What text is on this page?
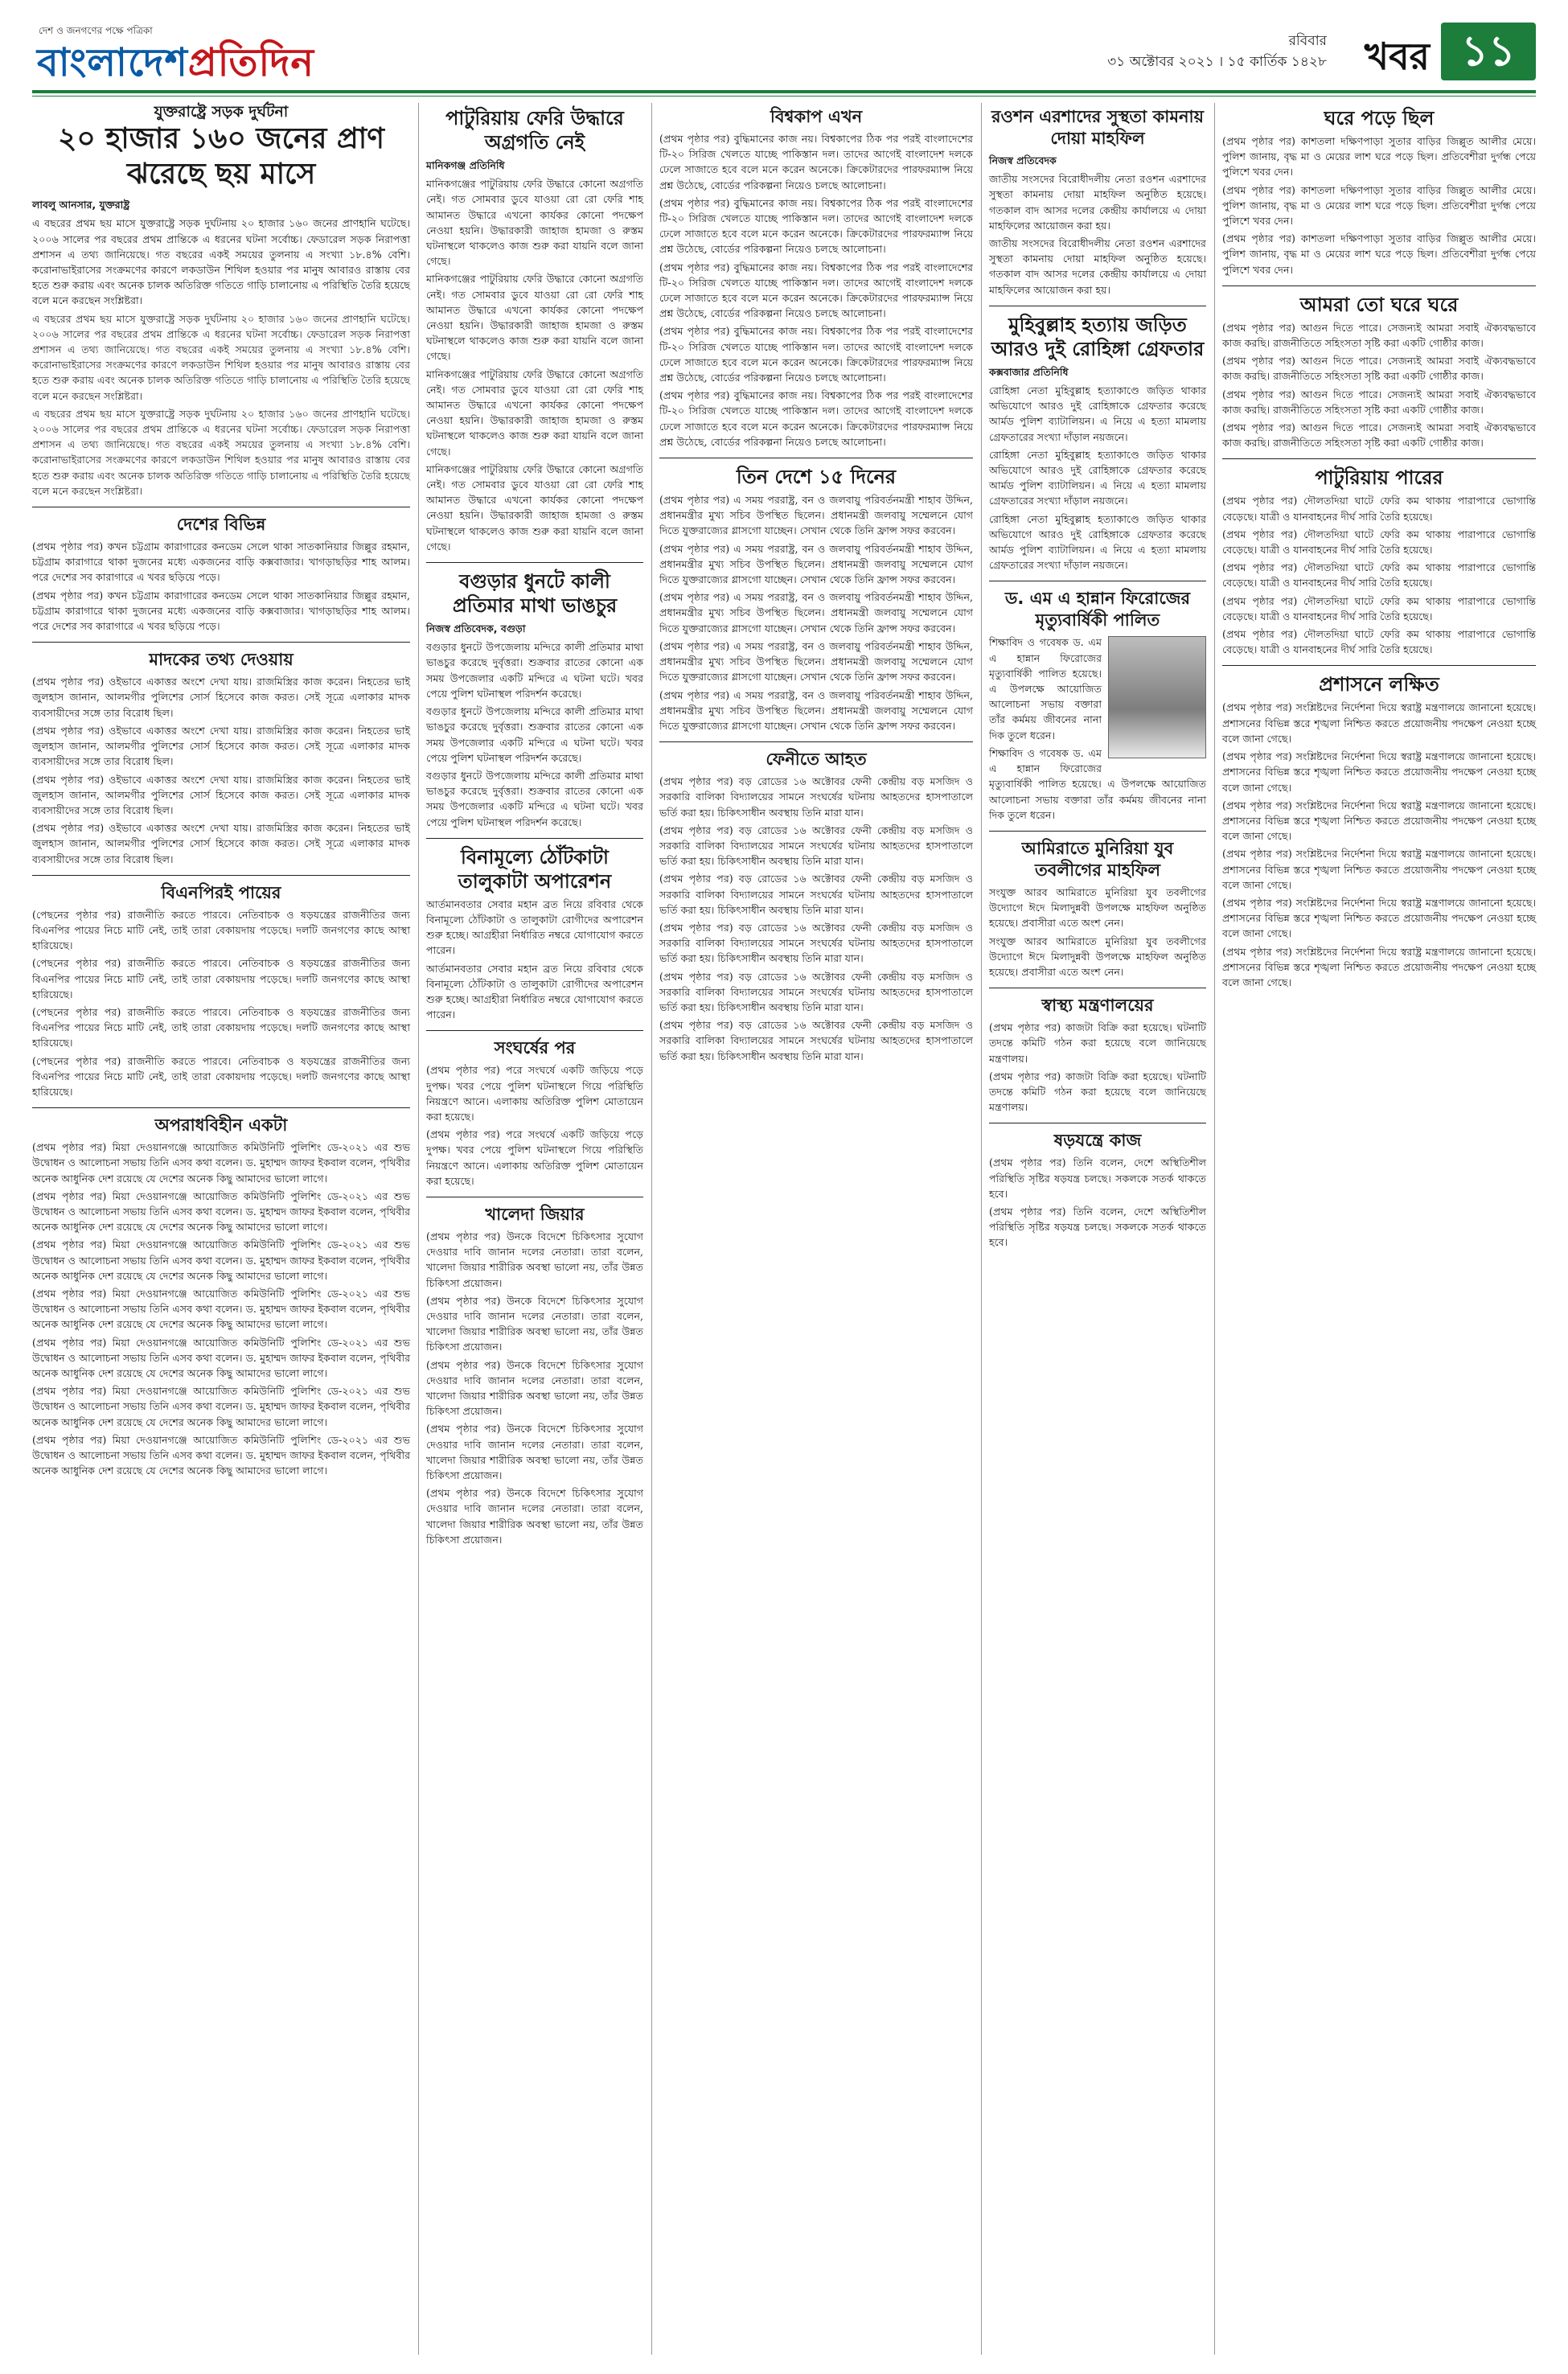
দেশ ও জনগণের পক্ষে পত্রিকা
বাংলাদেশপ্রতিদিন	রবিবার
৩১ অক্টোবর ২০২১ । ১৫ কার্তিক ১৪২৮ খবর ১১
যুক্তরাষ্ট্রে সড়ক দুর্ঘটনা
২০ হাজার ১৬০ জনের প্রাণ ঝরেছে ছয় মাসে
লাবলু আনসার, যুক্তরাষ্ট্র

এ বছরের প্রথম ছয় মাসে যুক্তরাষ্ট্রে সড়ক দুর্ঘটনায় ২০ হাজার ১৬০ জনের প্রাণহানি ঘটেছে। ২০০৬ সালের পর বছরের প্রথম প্রান্তিকে এ ধরনের ঘটনা সর্বোচ্চ। ফেডারেল সড়ক নিরাপত্তা প্রশাসন এ তথ্য জানিয়েছে। গত বছরের একই সময়ের তুলনায় এ সংখ্যা ১৮.৪% বেশি। করোনাভাইরাসের সংক্রমণের কারণে লকডাউন শিথিল হওয়ার পর মানুষ আবারও রাস্তায় বের হতে শুরু করায় এবং অনেক চালক অতিরিক্ত গতিতে গাড়ি চালানোয় এ পরিস্থিতি তৈরি হয়েছে বলে মনে করছেন সংশ্লিষ্টরা।

এ বছরের প্রথম ছয় মাসে যুক্তরাষ্ট্রে সড়ক দুর্ঘটনায় ২০ হাজার ১৬০ জনের প্রাণহানি ঘটেছে। ২০০৬ সালের পর বছরের প্রথম প্রান্তিকে এ ধরনের ঘটনা সর্বোচ্চ। ফেডারেল সড়ক নিরাপত্তা প্রশাসন এ তথ্য জানিয়েছে। গত বছরের একই সময়ের তুলনায় এ সংখ্যা ১৮.৪% বেশি। করোনাভাইরাসের সংক্রমণের কারণে লকডাউন শিথিল হওয়ার পর মানুষ আবারও রাস্তায় বের হতে শুরু করায় এবং অনেক চালক অতিরিক্ত গতিতে গাড়ি চালানোয় এ পরিস্থিতি তৈরি হয়েছে বলে মনে করছেন সংশ্লিষ্টরা।

এ বছরের প্রথম ছয় মাসে যুক্তরাষ্ট্রে সড়ক দুর্ঘটনায় ২০ হাজার ১৬০ জনের প্রাণহানি ঘটেছে। ২০০৬ সালের পর বছরের প্রথম প্রান্তিকে এ ধরনের ঘটনা সর্বোচ্চ। ফেডারেল সড়ক নিরাপত্তা প্রশাসন এ তথ্য জানিয়েছে। গত বছরের একই সময়ের তুলনায় এ সংখ্যা ১৮.৪% বেশি। করোনাভাইরাসের সংক্রমণের কারণে লকডাউন শিথিল হওয়ার পর মানুষ আবারও রাস্তায় বের হতে শুরু করায় এবং অনেক চালক অতিরিক্ত গতিতে গাড়ি চালানোয় এ পরিস্থিতি তৈরি হয়েছে বলে মনে করছেন সংশ্লিষ্টরা।

দেশের বিভিন্ন

(প্রথম পৃষ্ঠার পর) কখন চট্টগ্রাম কারাগারের কনডেম সেলে থাকা সাতকানিয়ার জিল্লুর রহমান, চট্টগ্রাম কারাগারে থাকা দুজনের মধ্যে একজনের বাড়ি কক্সবাজার। খাগড়াছড়ির শাহ আলম। পরে দেশের সব কারাগারে এ খবর ছড়িয়ে পড়ে।

(প্রথম পৃষ্ঠার পর) কখন চট্টগ্রাম কারাগারের কনডেম সেলে থাকা সাতকানিয়ার জিল্লুর রহমান, চট্টগ্রাম কারাগারে থাকা দুজনের মধ্যে একজনের বাড়ি কক্সবাজার। খাগড়াছড়ির শাহ আলম। পরে দেশের সব কারাগারে এ খবর ছড়িয়ে পড়ে।

মাদকের তথ্য দেওয়ায়

(প্রথম পৃষ্ঠার পর) ওইভাবে একাত্তর অংশে দেখা যায়। রাজমিস্ত্রির কাজ করেন। নিহতের ভাই জুলহাস জানান, আলমগীর পুলিশের সোর্স হিসেবে কাজ করত। সেই সূত্রে এলাকার মাদক ব্যবসায়ীদের সঙ্গে তার বিরোধ ছিল।

(প্রথম পৃষ্ঠার পর) ওইভাবে একাত্তর অংশে দেখা যায়। রাজমিস্ত্রির কাজ করেন। নিহতের ভাই জুলহাস জানান, আলমগীর পুলিশের সোর্স হিসেবে কাজ করত। সেই সূত্রে এলাকার মাদক ব্যবসায়ীদের সঙ্গে তার বিরোধ ছিল।

(প্রথম পৃষ্ঠার পর) ওইভাবে একাত্তর অংশে দেখা যায়। রাজমিস্ত্রির কাজ করেন। নিহতের ভাই জুলহাস জানান, আলমগীর পুলিশের সোর্স হিসেবে কাজ করত। সেই সূত্রে এলাকার মাদক ব্যবসায়ীদের সঙ্গে তার বিরোধ ছিল।

(প্রথম পৃষ্ঠার পর) ওইভাবে একাত্তর অংশে দেখা যায়। রাজমিস্ত্রির কাজ করেন। নিহতের ভাই জুলহাস জানান, আলমগীর পুলিশের সোর্স হিসেবে কাজ করত। সেই সূত্রে এলাকার মাদক ব্যবসায়ীদের সঙ্গে তার বিরোধ ছিল।

বিএনপিরই পায়ের

(পেছনের পৃষ্ঠার পর) রাজনীতি করতে পারবে। নেতিবাচক ও ষড়যন্ত্রের রাজনীতির জন্য বিএনপির পায়ের নিচে মাটি নেই, তাই তারা বেকায়দায় পড়েছে। দলটি জনগণের কাছে আস্থা হারিয়েছে।

(পেছনের পৃষ্ঠার পর) রাজনীতি করতে পারবে। নেতিবাচক ও ষড়যন্ত্রের রাজনীতির জন্য বিএনপির পায়ের নিচে মাটি নেই, তাই তারা বেকায়দায় পড়েছে। দলটি জনগণের কাছে আস্থা হারিয়েছে।

(পেছনের পৃষ্ঠার পর) রাজনীতি করতে পারবে। নেতিবাচক ও ষড়যন্ত্রের রাজনীতির জন্য বিএনপির পায়ের নিচে মাটি নেই, তাই তারা বেকায়দায় পড়েছে। দলটি জনগণের কাছে আস্থা হারিয়েছে।

(পেছনের পৃষ্ঠার পর) রাজনীতি করতে পারবে। নেতিবাচক ও ষড়যন্ত্রের রাজনীতির জন্য বিএনপির পায়ের নিচে মাটি নেই, তাই তারা বেকায়দায় পড়েছে। দলটি জনগণের কাছে আস্থা হারিয়েছে।

অপরাধবিহীন একটা

(প্রথম পৃষ্ঠার পর) মিয়া দেওয়ানগঞ্জে আয়োজিত কমিউনিটি পুলিশিং ডে-২০২১ এর শুভ উদ্বোধন ও আলোচনা সভায় তিনি এসব কথা বলেন। ড. মুহাম্মদ জাফর ইকবাল বলেন, পৃথিবীর অনেক আধুনিক দেশ রয়েছে যে দেশের অনেক কিছু আমাদের ভালো লাগে।

(প্রথম পৃষ্ঠার পর) মিয়া দেওয়ানগঞ্জে আয়োজিত কমিউনিটি পুলিশিং ডে-২০২১ এর শুভ উদ্বোধন ও আলোচনা সভায় তিনি এসব কথা বলেন। ড. মুহাম্মদ জাফর ইকবাল বলেন, পৃথিবীর অনেক আধুনিক দেশ রয়েছে যে দেশের অনেক কিছু আমাদের ভালো লাগে।

(প্রথম পৃষ্ঠার পর) মিয়া দেওয়ানগঞ্জে আয়োজিত কমিউনিটি পুলিশিং ডে-২০২১ এর শুভ উদ্বোধন ও আলোচনা সভায় তিনি এসব কথা বলেন। ড. মুহাম্মদ জাফর ইকবাল বলেন, পৃথিবীর অনেক আধুনিক দেশ রয়েছে যে দেশের অনেক কিছু আমাদের ভালো লাগে।

(প্রথম পৃষ্ঠার পর) মিয়া দেওয়ানগঞ্জে আয়োজিত কমিউনিটি পুলিশিং ডে-২০২১ এর শুভ উদ্বোধন ও আলোচনা সভায় তিনি এসব কথা বলেন। ড. মুহাম্মদ জাফর ইকবাল বলেন, পৃথিবীর অনেক আধুনিক দেশ রয়েছে যে দেশের অনেক কিছু আমাদের ভালো লাগে।

(প্রথম পৃষ্ঠার পর) মিয়া দেওয়ানগঞ্জে আয়োজিত কমিউনিটি পুলিশিং ডে-২০২১ এর শুভ উদ্বোধন ও আলোচনা সভায় তিনি এসব কথা বলেন। ড. মুহাম্মদ জাফর ইকবাল বলেন, পৃথিবীর অনেক আধুনিক দেশ রয়েছে যে দেশের অনেক কিছু আমাদের ভালো লাগে।

(প্রথম পৃষ্ঠার পর) মিয়া দেওয়ানগঞ্জে আয়োজিত কমিউনিটি পুলিশিং ডে-২০২১ এর শুভ উদ্বোধন ও আলোচনা সভায় তিনি এসব কথা বলেন। ড. মুহাম্মদ জাফর ইকবাল বলেন, পৃথিবীর অনেক আধুনিক দেশ রয়েছে যে দেশের অনেক কিছু আমাদের ভালো লাগে।

(প্রথম পৃষ্ঠার পর) মিয়া দেওয়ানগঞ্জে আয়োজিত কমিউনিটি পুলিশিং ডে-২০২১ এর শুভ উদ্বোধন ও আলোচনা সভায় তিনি এসব কথা বলেন। ড. মুহাম্মদ জাফর ইকবাল বলেন, পৃথিবীর অনেক আধুনিক দেশ রয়েছে যে দেশের অনেক কিছু আমাদের ভালো লাগে।

পাটুরিয়ায় ফেরি উদ্ধারে অগ্রগতি নেই
মানিকগঞ্জ প্রতিনিধি

মানিকগঞ্জের পাটুরিয়ায় ফেরি উদ্ধারে কোনো অগ্রগতি নেই। গত সোমবার ডুবে যাওয়া রো রো ফেরি শাহ আমানত উদ্ধারে এখনো কার্যকর কোনো পদক্ষেপ নেওয়া হয়নি। উদ্ধারকারী জাহাজ হামজা ও রুস্তম ঘটনাস্থলে থাকলেও কাজ শুরু করা যায়নি বলে জানা গেছে।

মানিকগঞ্জের পাটুরিয়ায় ফেরি উদ্ধারে কোনো অগ্রগতি নেই। গত সোমবার ডুবে যাওয়া রো রো ফেরি শাহ আমানত উদ্ধারে এখনো কার্যকর কোনো পদক্ষেপ নেওয়া হয়নি। উদ্ধারকারী জাহাজ হামজা ও রুস্তম ঘটনাস্থলে থাকলেও কাজ শুরু করা যায়নি বলে জানা গেছে।

মানিকগঞ্জের পাটুরিয়ায় ফেরি উদ্ধারে কোনো অগ্রগতি নেই। গত সোমবার ডুবে যাওয়া রো রো ফেরি শাহ আমানত উদ্ধারে এখনো কার্যকর কোনো পদক্ষেপ নেওয়া হয়নি। উদ্ধারকারী জাহাজ হামজা ও রুস্তম ঘটনাস্থলে থাকলেও কাজ শুরু করা যায়নি বলে জানা গেছে।

মানিকগঞ্জের পাটুরিয়ায় ফেরি উদ্ধারে কোনো অগ্রগতি নেই। গত সোমবার ডুবে যাওয়া রো রো ফেরি শাহ আমানত উদ্ধারে এখনো কার্যকর কোনো পদক্ষেপ নেওয়া হয়নি। উদ্ধারকারী জাহাজ হামজা ও রুস্তম ঘটনাস্থলে থাকলেও কাজ শুরু করা যায়নি বলে জানা গেছে।

বগুড়ার ধুনটে কালী প্রতিমার মাথা ভাঙচুর
নিজস্ব প্রতিবেদক, বগুড়া

বগুড়ার ধুনটে উপজেলায় মন্দিরে কালী প্রতিমার মাথা ভাঙচুর করেছে দুর্বৃত্তরা। শুক্রবার রাতের কোনো এক সময় উপজেলার একটি মন্দিরে এ ঘটনা ঘটে। খবর পেয়ে পুলিশ ঘটনাস্থল পরিদর্শন করেছে।

বগুড়ার ধুনটে উপজেলায় মন্দিরে কালী প্রতিমার মাথা ভাঙচুর করেছে দুর্বৃত্তরা। শুক্রবার রাতের কোনো এক সময় উপজেলার একটি মন্দিরে এ ঘটনা ঘটে। খবর পেয়ে পুলিশ ঘটনাস্থল পরিদর্শন করেছে।

বগুড়ার ধুনটে উপজেলায় মন্দিরে কালী প্রতিমার মাথা ভাঙচুর করেছে দুর্বৃত্তরা। শুক্রবার রাতের কোনো এক সময় উপজেলার একটি মন্দিরে এ ঘটনা ঘটে। খবর পেয়ে পুলিশ ঘটনাস্থল পরিদর্শন করেছে।

বিনামূল্যে ঠোঁটকাটা তালুকাটা অপারেশন

আর্তমানবতার সেবার মহান ব্রত নিয়ে রবিবার থেকে বিনামূল্যে ঠোঁটকাটা ও তালুকাটা রোগীদের অপারেশন শুরু হচ্ছে। আগ্রহীরা নির্ধারিত নম্বরে যোগাযোগ করতে পারেন।

আর্তমানবতার সেবার মহান ব্রত নিয়ে রবিবার থেকে বিনামূল্যে ঠোঁটকাটা ও তালুকাটা রোগীদের অপারেশন শুরু হচ্ছে। আগ্রহীরা নির্ধারিত নম্বরে যোগাযোগ করতে পারেন।

সংঘর্ষের পর

(প্রথম পৃষ্ঠার পর) পরে সংঘর্ষে একটি জড়িয়ে পড়ে দুপক্ষ। খবর পেয়ে পুলিশ ঘটনাস্থলে গিয়ে পরিস্থিতি নিয়ন্ত্রণে আনে। এলাকায় অতিরিক্ত পুলিশ মোতায়েন করা হয়েছে।

(প্রথম পৃষ্ঠার পর) পরে সংঘর্ষে একটি জড়িয়ে পড়ে দুপক্ষ। খবর পেয়ে পুলিশ ঘটনাস্থলে গিয়ে পরিস্থিতি নিয়ন্ত্রণে আনে। এলাকায় অতিরিক্ত পুলিশ মোতায়েন করা হয়েছে।

খালেদা জিয়ার

(প্রথম পৃষ্ঠার পর) উনকে বিদেশে চিকিৎসার সুযোগ দেওয়ার দাবি জানান দলের নেতারা। তারা বলেন, খালেদা জিয়ার শারীরিক অবস্থা ভালো নয়, তাঁর উন্নত চিকিৎসা প্রয়োজন।

(প্রথম পৃষ্ঠার পর) উনকে বিদেশে চিকিৎসার সুযোগ দেওয়ার দাবি জানান দলের নেতারা। তারা বলেন, খালেদা জিয়ার শারীরিক অবস্থা ভালো নয়, তাঁর উন্নত চিকিৎসা প্রয়োজন।

(প্রথম পৃষ্ঠার পর) উনকে বিদেশে চিকিৎসার সুযোগ দেওয়ার দাবি জানান দলের নেতারা। তারা বলেন, খালেদা জিয়ার শারীরিক অবস্থা ভালো নয়, তাঁর উন্নত চিকিৎসা প্রয়োজন।

(প্রথম পৃষ্ঠার পর) উনকে বিদেশে চিকিৎসার সুযোগ দেওয়ার দাবি জানান দলের নেতারা। তারা বলেন, খালেদা জিয়ার শারীরিক অবস্থা ভালো নয়, তাঁর উন্নত চিকিৎসা প্রয়োজন।

(প্রথম পৃষ্ঠার পর) উনকে বিদেশে চিকিৎসার সুযোগ দেওয়ার দাবি জানান দলের নেতারা। তারা বলেন, খালেদা জিয়ার শারীরিক অবস্থা ভালো নয়, তাঁর উন্নত চিকিৎসা প্রয়োজন।

বিশ্বকাপ এখন

(প্রথম পৃষ্ঠার পর) বুদ্ধিমানের কাজ নয়। বিশ্বকাপের ঠিক পর পরই বাংলাদেশের টি-২০ সিরিজ খেলতে যাচ্ছে পাকিস্তান দল। তাদের আগেই বাংলাদেশ দলকে ঢেলে সাজাতে হবে বলে মনে করেন অনেকে। ক্রিকেটারদের পারফরম্যান্স নিয়ে প্রশ্ন উঠেছে, বোর্ডের পরিকল্পনা নিয়েও চলছে আলোচনা।

(প্রথম পৃষ্ঠার পর) বুদ্ধিমানের কাজ নয়। বিশ্বকাপের ঠিক পর পরই বাংলাদেশের টি-২০ সিরিজ খেলতে যাচ্ছে পাকিস্তান দল। তাদের আগেই বাংলাদেশ দলকে ঢেলে সাজাতে হবে বলে মনে করেন অনেকে। ক্রিকেটারদের পারফরম্যান্স নিয়ে প্রশ্ন উঠেছে, বোর্ডের পরিকল্পনা নিয়েও চলছে আলোচনা।

(প্রথম পৃষ্ঠার পর) বুদ্ধিমানের কাজ নয়। বিশ্বকাপের ঠিক পর পরই বাংলাদেশের টি-২০ সিরিজ খেলতে যাচ্ছে পাকিস্তান দল। তাদের আগেই বাংলাদেশ দলকে ঢেলে সাজাতে হবে বলে মনে করেন অনেকে। ক্রিকেটারদের পারফরম্যান্স নিয়ে প্রশ্ন উঠেছে, বোর্ডের পরিকল্পনা নিয়েও চলছে আলোচনা।

(প্রথম পৃষ্ঠার পর) বুদ্ধিমানের কাজ নয়। বিশ্বকাপের ঠিক পর পরই বাংলাদেশের টি-২০ সিরিজ খেলতে যাচ্ছে পাকিস্তান দল। তাদের আগেই বাংলাদেশ দলকে ঢেলে সাজাতে হবে বলে মনে করেন অনেকে। ক্রিকেটারদের পারফরম্যান্স নিয়ে প্রশ্ন উঠেছে, বোর্ডের পরিকল্পনা নিয়েও চলছে আলোচনা।

(প্রথম পৃষ্ঠার পর) বুদ্ধিমানের কাজ নয়। বিশ্বকাপের ঠিক পর পরই বাংলাদেশের টি-২০ সিরিজ খেলতে যাচ্ছে পাকিস্তান দল। তাদের আগেই বাংলাদেশ দলকে ঢেলে সাজাতে হবে বলে মনে করেন অনেকে। ক্রিকেটারদের পারফরম্যান্স নিয়ে প্রশ্ন উঠেছে, বোর্ডের পরিকল্পনা নিয়েও চলছে আলোচনা।

তিন দেশে ১৫ দিনের

(প্রথম পৃষ্ঠার পর) এ সময় পররাষ্ট্র, বন ও জলবায়ু পরিবর্তনমন্ত্রী শাহাব উদ্দিন, প্রধানমন্ত্রীর মুখ্য সচিব উপস্থিত ছিলেন। প্রধানমন্ত্রী জলবায়ু সম্মেলনে যোগ দিতে যুক্তরাজ্যের গ্লাসগো যাচ্ছেন। সেখান থেকে তিনি ফ্রান্স সফর করবেন।

(প্রথম পৃষ্ঠার পর) এ সময় পররাষ্ট্র, বন ও জলবায়ু পরিবর্তনমন্ত্রী শাহাব উদ্দিন, প্রধানমন্ত্রীর মুখ্য সচিব উপস্থিত ছিলেন। প্রধানমন্ত্রী জলবায়ু সম্মেলনে যোগ দিতে যুক্তরাজ্যের গ্লাসগো যাচ্ছেন। সেখান থেকে তিনি ফ্রান্স সফর করবেন।

(প্রথম পৃষ্ঠার পর) এ সময় পররাষ্ট্র, বন ও জলবায়ু পরিবর্তনমন্ত্রী শাহাব উদ্দিন, প্রধানমন্ত্রীর মুখ্য সচিব উপস্থিত ছিলেন। প্রধানমন্ত্রী জলবায়ু সম্মেলনে যোগ দিতে যুক্তরাজ্যের গ্লাসগো যাচ্ছেন। সেখান থেকে তিনি ফ্রান্স সফর করবেন।

(প্রথম পৃষ্ঠার পর) এ সময় পররাষ্ট্র, বন ও জলবায়ু পরিবর্তনমন্ত্রী শাহাব উদ্দিন, প্রধানমন্ত্রীর মুখ্য সচিব উপস্থিত ছিলেন। প্রধানমন্ত্রী জলবায়ু সম্মেলনে যোগ দিতে যুক্তরাজ্যের গ্লাসগো যাচ্ছেন। সেখান থেকে তিনি ফ্রান্স সফর করবেন।

(প্রথম পৃষ্ঠার পর) এ সময় পররাষ্ট্র, বন ও জলবায়ু পরিবর্তনমন্ত্রী শাহাব উদ্দিন, প্রধানমন্ত্রীর মুখ্য সচিব উপস্থিত ছিলেন। প্রধানমন্ত্রী জলবায়ু সম্মেলনে যোগ দিতে যুক্তরাজ্যের গ্লাসগো যাচ্ছেন। সেখান থেকে তিনি ফ্রান্স সফর করবেন।

ফেনীতে আহত

(প্রথম পৃষ্ঠার পর) বড় রোডের ১৬ অক্টোবর ফেনী কেন্দ্রীয় বড় মসজিদ ও সরকারি বালিকা বিদ্যালয়ের সামনে সংঘর্ষের ঘটনায় আহতদের হাসপাতালে ভর্তি করা হয়। চিকিৎসাধীন অবস্থায় তিনি মারা যান।

(প্রথম পৃষ্ঠার পর) বড় রোডের ১৬ অক্টোবর ফেনী কেন্দ্রীয় বড় মসজিদ ও সরকারি বালিকা বিদ্যালয়ের সামনে সংঘর্ষের ঘটনায় আহতদের হাসপাতালে ভর্তি করা হয়। চিকিৎসাধীন অবস্থায় তিনি মারা যান।

(প্রথম পৃষ্ঠার পর) বড় রোডের ১৬ অক্টোবর ফেনী কেন্দ্রীয় বড় মসজিদ ও সরকারি বালিকা বিদ্যালয়ের সামনে সংঘর্ষের ঘটনায় আহতদের হাসপাতালে ভর্তি করা হয়। চিকিৎসাধীন অবস্থায় তিনি মারা যান।

(প্রথম পৃষ্ঠার পর) বড় রোডের ১৬ অক্টোবর ফেনী কেন্দ্রীয় বড় মসজিদ ও সরকারি বালিকা বিদ্যালয়ের সামনে সংঘর্ষের ঘটনায় আহতদের হাসপাতালে ভর্তি করা হয়। চিকিৎসাধীন অবস্থায় তিনি মারা যান।

(প্রথম পৃষ্ঠার পর) বড় রোডের ১৬ অক্টোবর ফেনী কেন্দ্রীয় বড় মসজিদ ও সরকারি বালিকা বিদ্যালয়ের সামনে সংঘর্ষের ঘটনায় আহতদের হাসপাতালে ভর্তি করা হয়। চিকিৎসাধীন অবস্থায় তিনি মারা যান।

(প্রথম পৃষ্ঠার পর) বড় রোডের ১৬ অক্টোবর ফেনী কেন্দ্রীয় বড় মসজিদ ও সরকারি বালিকা বিদ্যালয়ের সামনে সংঘর্ষের ঘটনায় আহতদের হাসপাতালে ভর্তি করা হয়। চিকিৎসাধীন অবস্থায় তিনি মারা যান।

রওশন এরশাদের সুস্থতা কামনায় দোয়া মাহফিল
নিজস্ব প্রতিবেদক

জাতীয় সংসদের বিরোধীদলীয় নেতা রওশন এরশাদের সুস্থতা কামনায় দোয়া মাহফিল অনুষ্ঠিত হয়েছে। গতকাল বাদ আসর দলের কেন্দ্রীয় কার্যালয়ে এ দোয়া মাহফিলের আয়োজন করা হয়।

জাতীয় সংসদের বিরোধীদলীয় নেতা রওশন এরশাদের সুস্থতা কামনায় দোয়া মাহফিল অনুষ্ঠিত হয়েছে। গতকাল বাদ আসর দলের কেন্দ্রীয় কার্যালয়ে এ দোয়া মাহফিলের আয়োজন করা হয়।

মুহিবুল্লাহ হত্যায় জড়িত আরও দুই রোহিঙ্গা গ্রেফতার
কক্সবাজার প্রতিনিধি

রোহিঙ্গা নেতা মুহিবুল্লাহ হত্যাকাণ্ডে জড়িত থাকার অভিযোগে আরও দুই রোহিঙ্গাকে গ্রেফতার করেছে আর্মড পুলিশ ব্যাটালিয়ন। এ নিয়ে এ হত্যা মামলায় গ্রেফতারের সংখ্যা দাঁড়াল নয়জনে।

রোহিঙ্গা নেতা মুহিবুল্লাহ হত্যাকাণ্ডে জড়িত থাকার অভিযোগে আরও দুই রোহিঙ্গাকে গ্রেফতার করেছে আর্মড পুলিশ ব্যাটালিয়ন। এ নিয়ে এ হত্যা মামলায় গ্রেফতারের সংখ্যা দাঁড়াল নয়জনে।

রোহিঙ্গা নেতা মুহিবুল্লাহ হত্যাকাণ্ডে জড়িত থাকার অভিযোগে আরও দুই রোহিঙ্গাকে গ্রেফতার করেছে আর্মড পুলিশ ব্যাটালিয়ন। এ নিয়ে এ হত্যা মামলায় গ্রেফতারের সংখ্যা দাঁড়াল নয়জনে।

ড. এম এ হান্নান ফিরোজের মৃত্যুবার্ষিকী পালিত

শিক্ষাবিদ ও গবেষক ড. এম এ হান্নান ফিরোজের মৃত্যুবার্ষিকী পালিত হয়েছে। এ উপলক্ষে আয়োজিত আলোচনা সভায় বক্তারা তাঁর কর্মময় জীবনের নানা দিক তুলে ধরেন।

শিক্ষাবিদ ও গবেষক ড. এম এ হান্নান ফিরোজের মৃত্যুবার্ষিকী পালিত হয়েছে। এ উপলক্ষে আয়োজিত আলোচনা সভায় বক্তারা তাঁর কর্মময় জীবনের নানা দিক তুলে ধরেন।

আমিরাতে মুনিরিয়া যুব তবলীগের মাহফিল

সংযুক্ত আরব আমিরাতে মুনিরিয়া যুব তবলীগের উদ্যোগে ঈদে মিলাদুন্নবী উপলক্ষে মাহফিল অনুষ্ঠিত হয়েছে। প্রবাসীরা এতে অংশ নেন।

সংযুক্ত আরব আমিরাতে মুনিরিয়া যুব তবলীগের উদ্যোগে ঈদে মিলাদুন্নবী উপলক্ষে মাহফিল অনুষ্ঠিত হয়েছে। প্রবাসীরা এতে অংশ নেন।

স্বাস্থ্য মন্ত্রণালয়ের

(প্রথম পৃষ্ঠার পর) কাজটা বিক্রি করা হয়েছে। ঘটনাটি তদন্তে কমিটি গঠন করা হয়েছে বলে জানিয়েছে মন্ত্রণালয়।

(প্রথম পৃষ্ঠার পর) কাজটা বিক্রি করা হয়েছে। ঘটনাটি তদন্তে কমিটি গঠন করা হয়েছে বলে জানিয়েছে মন্ত্রণালয়।

ষড়যন্ত্রে কাজ

(প্রথম পৃষ্ঠার পর) তিনি বলেন, দেশে অস্থিতিশীল পরিস্থিতি সৃষ্টির ষড়যন্ত্র চলছে। সকলকে সতর্ক থাকতে হবে।

(প্রথম পৃষ্ঠার পর) তিনি বলেন, দেশে অস্থিতিশীল পরিস্থিতি সৃষ্টির ষড়যন্ত্র চলছে। সকলকে সতর্ক থাকতে হবে।

ঘরে পড়ে ছিল

(প্রথম পৃষ্ঠার পর) কাশতলা দক্ষিণপাড়া সুতার বাড়ির জিল্লুত আলীর মেয়ে। পুলিশ জানায়, বৃদ্ধ মা ও মেয়ের লাশ ঘরে পড়ে ছিল। প্রতিবেশীরা দুর্গন্ধ পেয়ে পুলিশে খবর দেন।

(প্রথম পৃষ্ঠার পর) কাশতলা দক্ষিণপাড়া সুতার বাড়ির জিল্লুত আলীর মেয়ে। পুলিশ জানায়, বৃদ্ধ মা ও মেয়ের লাশ ঘরে পড়ে ছিল। প্রতিবেশীরা দুর্গন্ধ পেয়ে পুলিশে খবর দেন।

(প্রথম পৃষ্ঠার পর) কাশতলা দক্ষিণপাড়া সুতার বাড়ির জিল্লুত আলীর মেয়ে। পুলিশ জানায়, বৃদ্ধ মা ও মেয়ের লাশ ঘরে পড়ে ছিল। প্রতিবেশীরা দুর্গন্ধ পেয়ে পুলিশে খবর দেন।

আমরা তো ঘরে ঘরে

(প্রথম পৃষ্ঠার পর) আগুন দিতে পারে। সেজন্যই আমরা সবাই ঐক্যবদ্ধভাবে কাজ করছি। রাজনীতিতে সহিংসতা সৃষ্টি করা একটি গোষ্ঠীর কাজ।

(প্রথম পৃষ্ঠার পর) আগুন দিতে পারে। সেজন্যই আমরা সবাই ঐক্যবদ্ধভাবে কাজ করছি। রাজনীতিতে সহিংসতা সৃষ্টি করা একটি গোষ্ঠীর কাজ।

(প্রথম পৃষ্ঠার পর) আগুন দিতে পারে। সেজন্যই আমরা সবাই ঐক্যবদ্ধভাবে কাজ করছি। রাজনীতিতে সহিংসতা সৃষ্টি করা একটি গোষ্ঠীর কাজ।

(প্রথম পৃষ্ঠার পর) আগুন দিতে পারে। সেজন্যই আমরা সবাই ঐক্যবদ্ধভাবে কাজ করছি। রাজনীতিতে সহিংসতা সৃষ্টি করা একটি গোষ্ঠীর কাজ।

পাটুরিয়ায় পারের

(প্রথম পৃষ্ঠার পর) দৌলতদিয়া ঘাটে ফেরি কম থাকায় পারাপারে ভোগান্তি বেড়েছে। যাত্রী ও যানবাহনের দীর্ঘ সারি তৈরি হয়েছে।

(প্রথম পৃষ্ঠার পর) দৌলতদিয়া ঘাটে ফেরি কম থাকায় পারাপারে ভোগান্তি বেড়েছে। যাত্রী ও যানবাহনের দীর্ঘ সারি তৈরি হয়েছে।

(প্রথম পৃষ্ঠার পর) দৌলতদিয়া ঘাটে ফেরি কম থাকায় পারাপারে ভোগান্তি বেড়েছে। যাত্রী ও যানবাহনের দীর্ঘ সারি তৈরি হয়েছে।

(প্রথম পৃষ্ঠার পর) দৌলতদিয়া ঘাটে ফেরি কম থাকায় পারাপারে ভোগান্তি বেড়েছে। যাত্রী ও যানবাহনের দীর্ঘ সারি তৈরি হয়েছে।

(প্রথম পৃষ্ঠার পর) দৌলতদিয়া ঘাটে ফেরি কম থাকায় পারাপারে ভোগান্তি বেড়েছে। যাত্রী ও যানবাহনের দীর্ঘ সারি তৈরি হয়েছে।

প্রশাসনে লক্ষিত

(প্রথম পৃষ্ঠার পর) সংশ্লিষ্টদের নির্দেশনা দিয়ে স্বরাষ্ট্র মন্ত্রণালয়ে জানানো হয়েছে। প্রশাসনের বিভিন্ন স্তরে শৃঙ্খলা নিশ্চিত করতে প্রয়োজনীয় পদক্ষেপ নেওয়া হচ্ছে বলে জানা গেছে।

(প্রথম পৃষ্ঠার পর) সংশ্লিষ্টদের নির্দেশনা দিয়ে স্বরাষ্ট্র মন্ত্রণালয়ে জানানো হয়েছে। প্রশাসনের বিভিন্ন স্তরে শৃঙ্খলা নিশ্চিত করতে প্রয়োজনীয় পদক্ষেপ নেওয়া হচ্ছে বলে জানা গেছে।

(প্রথম পৃষ্ঠার পর) সংশ্লিষ্টদের নির্দেশনা দিয়ে স্বরাষ্ট্র মন্ত্রণালয়ে জানানো হয়েছে। প্রশাসনের বিভিন্ন স্তরে শৃঙ্খলা নিশ্চিত করতে প্রয়োজনীয় পদক্ষেপ নেওয়া হচ্ছে বলে জানা গেছে।

(প্রথম পৃষ্ঠার পর) সংশ্লিষ্টদের নির্দেশনা দিয়ে স্বরাষ্ট্র মন্ত্রণালয়ে জানানো হয়েছে। প্রশাসনের বিভিন্ন স্তরে শৃঙ্খলা নিশ্চিত করতে প্রয়োজনীয় পদক্ষেপ নেওয়া হচ্ছে বলে জানা গেছে।

(প্রথম পৃষ্ঠার পর) সংশ্লিষ্টদের নির্দেশনা দিয়ে স্বরাষ্ট্র মন্ত্রণালয়ে জানানো হয়েছে। প্রশাসনের বিভিন্ন স্তরে শৃঙ্খলা নিশ্চিত করতে প্রয়োজনীয় পদক্ষেপ নেওয়া হচ্ছে বলে জানা গেছে।

(প্রথম পৃষ্ঠার পর) সংশ্লিষ্টদের নির্দেশনা দিয়ে স্বরাষ্ট্র মন্ত্রণালয়ে জানানো হয়েছে। প্রশাসনের বিভিন্ন স্তরে শৃঙ্খলা নিশ্চিত করতে প্রয়োজনীয় পদক্ষেপ নেওয়া হচ্ছে বলে জানা গেছে।
